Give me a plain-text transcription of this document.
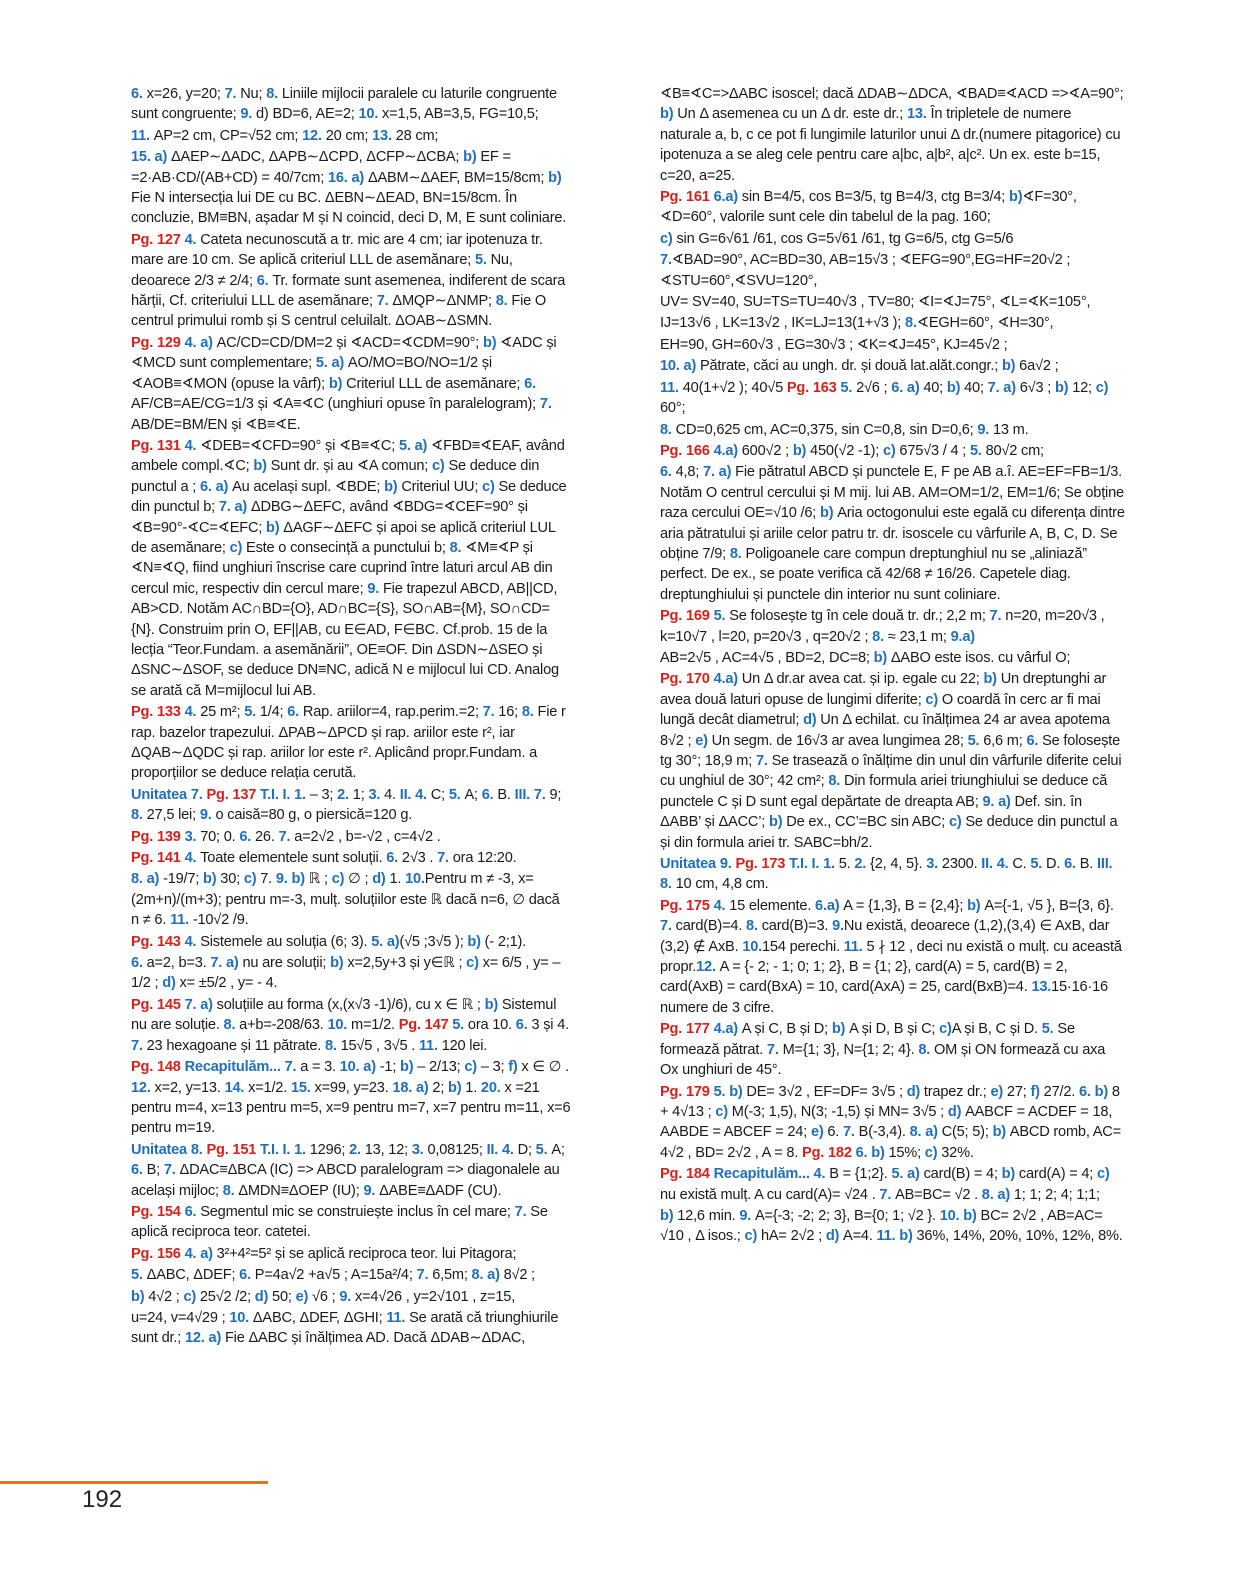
6. x=26, y=20; 7. Nu; 8. Liniile mijlocii paralele cu laturile congruente sunt congruente; 9. d) BD=6, AE=2; 10. x=1,5, AB=3,5, FG=10,5;

11. AP=2 cm, CP=√52 cm; 12. 20 cm; 13. 28 cm;

15. a) ΔAEP∼ΔADC, ΔAPB∼ΔCPD, ΔCFP∼ΔCBA; b) EF = =2·AB·CD/(AB+CD) = 40/7cm; 16. a) ΔABM∼ΔAEF, BM=15/8cm; b) Fie N intersecția lui DE cu BC. ΔEBN∼ΔEAD, BN=15/8cm. În concluzie, BM≡BN, așadar M și N coincid, deci D, M, E sunt coliniare.

Pg. 127 4. Cateta necunoscută a tr. mic are 4 cm; iar ipotenuza tr. mare are 10 cm. Se aplică criteriul LLL de asemănare; 5. Nu, deoarece 2/3 ≠ 2/4; 6. Tr. formate sunt asemenea, indiferent de scara hărții, Cf. criteriului LLL de asemănare; 7. ΔMQP∼ΔNMP; 8. Fie O centrul primului romb și S centrul celuilalt. ΔOAB∼ΔSMN.

Pg. 129 4. a) AC/CD=CD/DM=2 și ∢ACD=∢CDM=90°; b) ∢ADC și ∢MCD sunt complementare; 5. a) AO/MO=BO/NO=1/2 și ∢AOB≡∢MON (opuse la vârf); b) Criteriul LLL de asemănare; 6. AF/CB=AE/CG=1/3 și ∢A≡∢C (unghiuri opuse în paralelogram); 7. AB/DE=BM/EN și ∢B≡∢E.

Pg. 131 4. ∢DEB=∢CFD=90° și ∢B≡∢C; 5. a) ∢FBD≡∢EAF, având ambele compl.∢C; b) Sunt dr. și au ∢A comun; c) Se deduce din punctul a ; 6. a) Au același supl. ∢BDE; b) Criteriul UU; c) Se deduce din punctul b; 7. a) ΔDBG∼ΔEFC, având ∢BDG=∢CEF=90° și ∢B=90°-∢C=∢EFC; b) ΔAGF∼ΔEFC și apoi se aplică criteriul LUL de asemănare; c) Este o consecință a punctului b; 8. ∢M≡∢P și ∢N≡∢Q, fiind unghiuri înscrise care cuprind între laturi arcul AB din cercul mic, respectiv din cercul mare; 9. Fie trapezul ABCD, AB||CD, AB>CD. Notăm AC∩BD={O}, AD∩BC={S}, SO∩AB={M}, SO∩CD={N}. Construim prin O, EF||AB, cu E∈AD, F∈BC. Cf.prob. 15 de la lecția “Teor.Fundam. a asemănării”, OE≡OF. Din ΔSDN∼ΔSEO și ΔSNC∼ΔSOF, se deduce DN≡NC, adică N e mijlocul lui CD. Analog se arată că M=mijlocul lui AB.

Pg. 133 4. 25 m²; 5. 1/4; 6. Rap. ariilor=4, rap.perim.=2; 7. 16; 8. Fie r rap. bazelor trapezului. ΔPAB∼ΔPCD și rap. ariilor este r², iar ΔQAB∼ΔQDC și rap. ariilor lor este r². Aplicând propr.Fundam. a proporțiilor se deduce relația cerută.

Unitatea 7. Pg. 137 T.I. I. 1. – 3; 2. 1; 3. 4. II. 4. C; 5. A; 6. B. III. 7. 9; 8. 27,5 lei; 9. o caisă=80 g, o piersică=120 g.

Pg. 139 3. 70; 0. 6. 26. 7. a=2√2 , b=-√2 , c=4√2 .

Pg. 141 4. Toate elementele sunt soluții. 6. 2√3 . 7. ora 12:20.

8. a) -19/7; b) 30; c) 7. 9. b) ℝ ; c) ∅ ; d) 1. 10.Pentru m ≠ -3, x=(2m+n)/(m+3); pentru m=-3, mulț. soluțiilor este ℝ dacă n=6, ∅ dacă n ≠ 6. 11. -10√2 /9.

Pg. 143 4. Sistemele au soluția (6; 3). 5. a)(√5 ;3√5 ); b) (- 2;1).

6. a=2, b=3. 7. a) nu are soluții; b) x=2,5y+3 și y∈ℝ ; c) x= 6/5 , y= –1/2 ; d) x= ±5/2 , y= - 4.

Pg. 145 7. a) soluțiile au forma (x,(x√3 -1)/6), cu x ∈ ℝ ; b) Sistemul nu are soluție. 8. a+b=-208/63. 10. m=1/2. Pg. 147 5. ora 10. 6. 3 și 4. 7. 23 hexagoane și 11 pătrate. 8. 15√5 , 3√5 . 11. 120 lei.

Pg. 148 Recapitulăm... 7. a = 3. 10. a) -1; b) – 2/13; c) – 3; f) x ∈ ∅ . 12. x=2, y=13. 14. x=1/2. 15. x=99, y=23. 18. a) 2; b) 1. 20. x =21 pentru m=4, x=13 pentru m=5, x=9 pentru m=7, x=7 pentru m=11, x=6 pentru m=19.

Unitatea 8. Pg. 151 T.I. I. 1. 1296; 2. 13, 12; 3. 0,08125; II. 4. D; 5. A; 6. B; 7. ΔDAC≡ΔBCA (IC) => ABCD paralelogram => diagonalele au același mijloc; 8. ΔMDN≡ΔOEP (IU); 9. ΔABE≡ΔADF (CU).

Pg. 154 6. Segmentul mic se construiește inclus în cel mare; 7. Se aplică reciproca teor. catetei.

Pg. 156 4. a) 3²+4²=5² și se aplică reciproca teor. lui Pitagora;

5. ΔABC, ΔDEF; 6. P=4a√2 +a√5 ; A=15a²/4; 7. 6,5m; 8. a) 8√2 ;

b) 4√2 ; c) 25√2 /2; d) 50; e) √6 ; 9. x=4√26 , y=2√101 , z=15,

u=24, v=4√29 ; 10. ΔABC, ΔDEF, ΔGHI; 11. Se arată că triunghiurile sunt dr.; 12. a) Fie ΔABC și înălțimea AD. Dacă ΔDAB∼ΔDAC,

∢B≡∢C=>ΔABC isoscel; dacă ΔDAB∼ΔDCA, ∢BAD≡∢ACD =>∢A=90°; b) Un Δ asemenea cu un Δ dr. este dr.; 13. În tripletele de numere naturale a, b, c ce pot fi lungimile laturilor unui Δ dr.(numere pitagorice) cu ipotenuza a se aleg cele pentru care a|bc, a|b², a|c². Un ex. este b=15, c=20, a=25.

Pg. 161 6.a) sin B=4/5, cos B=3/5, tg B=4/3, ctg B=3/4; b)∢F=30°, ∢D=60°, valorile sunt cele din tabelul de la pag. 160;

c) sin G=6√61 /61, cos G=5√61 /61, tg G=6/5, ctg G=5/6

7.∢BAD=90°, AC=BD=30, AB=15√3 ; ∢EFG=90°,EG=HF=20√2 ; ∢STU=60°,∢SVU=120°,

UV= SV=40, SU=TS=TU=40√3 , TV=80; ∢I=∢J=75°, ∢L=∢K=105°,

IJ=13√6 , LK=13√2 , IK=LJ=13(1+√3 ); 8.∢EGH=60°, ∢H=30°,

EH=90, GH=60√3 , EG=30√3 ; ∢K=∢J=45°, KJ=45√2 ;

10. a) Pătrate, căci au ungh. dr. și două lat.alăt.congr.; b) 6a√2 ;

11. 40(1+√2 ); 40√5 Pg. 163 5. 2√6 ; 6. a) 40; b) 40; 7. a) 6√3 ; b) 12; c) 60°;

8. CD=0,625 cm, AC=0,375, sin C=0,8, sin D=0,6; 9. 13 m.

Pg. 166 4.a) 600√2 ; b) 450(√2 -1); c) 675√3 / 4 ; 5. 80√2 cm;

6. 4,8; 7. a) Fie pătratul ABCD și punctele E, F pe AB a.î. AE=EF=FB=1/3. Notăm O centrul cercului și M mij. lui AB. AM=OM=1/2, EM=1/6; Se obține raza cercului OE=√10 /6; b) Aria octogonului este egală cu diferența dintre aria pătratului și ariile celor patru tr. dr. isoscele cu vârfurile A, B, C, D. Se obține 7/9; 8. Poligoanele care compun dreptunghiul nu se „aliniază” perfect. De ex., se poate verifica că 42/68 ≠ 16/26. Capetele diag. dreptunghiului și punctele din interior nu sunt coliniare.

Pg. 169 5. Se folosește tg în cele două tr. dr.; 2,2 m; 7. n=20, m=20√3 , k=10√7 , l=20, p=20√3 , q=20√2 ; 8. ≈ 23,1 m; 9.a)

AB=2√5 , AC=4√5 , BD=2, DC=8; b) ΔABO este isos. cu vârful O;

Pg. 170 4.a) Un Δ dr.ar avea cat. și ip. egale cu 22; b) Un dreptunghi ar avea două laturi opuse de lungimi diferite; c) O coardă în cerc ar fi mai lungă decât diametrul; d) Un Δ echilat. cu înălțimea 24 ar avea apotema 8√2 ; e) Un segm. de 16√3 ar avea lungimea 28; 5. 6,6 m; 6. Se folosește tg 30°; 18,9 m; 7. Se trasează o înălțime din unul din vârfurile diferite celui cu unghiul de 30°; 42 cm²; 8. Din formula ariei triunghiului se deduce că punctele C și D sunt egal depărtate de dreapta AB; 9. a) Def. sin. în ΔABB’ și ΔACC’; b) De ex., CC’=BC sin ABC; c) Se deduce din punctul a și din formula ariei tr. SABC=bh/2.

Unitatea 9. Pg. 173 T.I. I. 1. 5. 2. {2, 4, 5}. 3. 2300. II. 4. C. 5. D. 6. B. III. 8. 10 cm, 4,8 cm.

Pg. 175 4. 15 elemente. 6.a) A = {1,3}, B = {2,4}; b) A={-1, √5 }, B={3, 6}. 7. card(B)=4. 8. card(B)=3. 9.Nu există, deoarece (1,2),(3,4) ∈ AxB, dar (3,2) ∉ AxB. 10.154 perechi. 11. 5 ∤ 12 , deci nu există o mulț. cu această propr.12. A = {- 2; - 1; 0; 1; 2}, B = {1; 2}, card(A) = 5, card(B) = 2, card(AxB) = card(BxA) = 10, card(AxA) = 25, card(BxB)=4. 13.15·16·16 numere de 3 cifre.

Pg. 177 4.a) A și C, B și D; b) A și D, B și C; c)A și B, C și D. 5. Se formează pătrat. 7. M={1; 3}, N={1; 2; 4}. 8. OM și ON formează cu axa Ox unghiuri de 45°.

Pg. 179 5. b) DE= 3√2 , EF=DF= 3√5 ; d) trapez dr.; e) 27; f) 27/2. 6. b) 8 + 4√13 ; c) M(-3; 1,5), N(3; -1,5) și MN= 3√5 ; d) AABCF = ACDEF = 18, AABDE = ABCEF = 24; e) 6. 7. B(-3,4). 8. a) C(5; 5); b) ABCD romb, AC= 4√2 , BD= 2√2 , A = 8. Pg. 182 6. b) 15%; c) 32%.

Pg. 184 Recapitulăm... 4. B = {1;2}. 5. a) card(B) = 4; b) card(A) = 4; c) nu există mulț. A cu card(A)= √24 . 7. AB=BC= √2 . 8. a) 1; 1; 2; 4; 1;1;

b) 12,6 min. 9. A={-3; -2; 2; 3}, B={0; 1; √2 }. 10. b) BC= 2√2 , AB=AC= √10 , Δ isos.; c) hA= 2√2 ; d) A=4. 11. b) 36%, 14%, 20%, 10%, 12%, 8%.

192
